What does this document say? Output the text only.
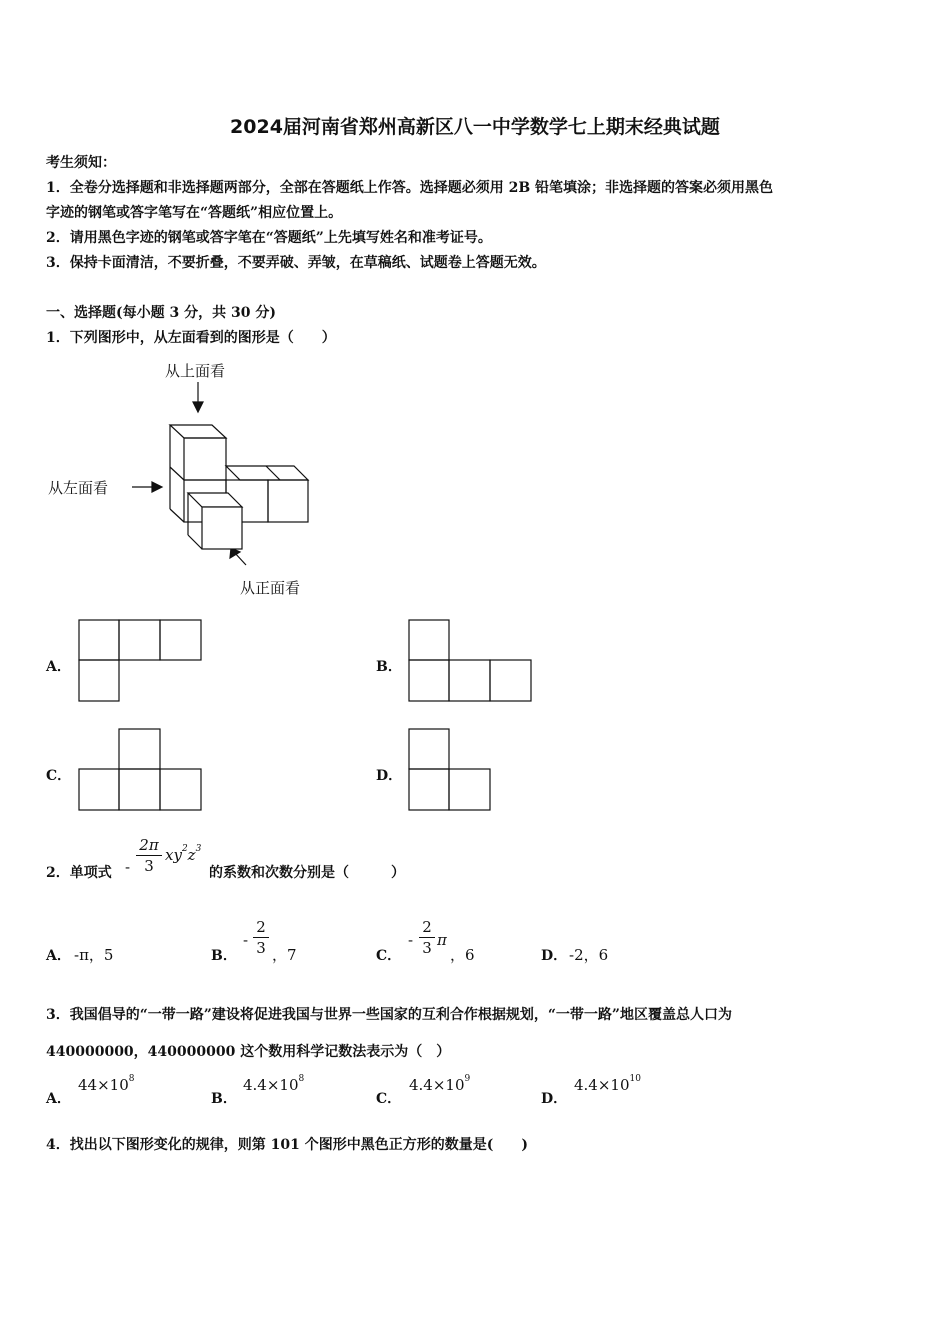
2024届河南省郑州高新区八一中学数学七上期末经典试题
考生须知：
1．全卷分选择题和非选择题两部分，全部在答题纸上作答。选择题必须用 2B 铅笔填涂；非选择题的答案必须用黑色
字迹的钢笔或答字笔写在“答题纸”相应位置上。
2．请用黑色字迹的钢笔或答字笔在“答题纸”上先填写姓名和准考证号。
3．保持卡面清洁，不要折叠，不要弄破、弄皱，在草稿纸、试题卷上答题无效。
一、选择题(每小题 3 分，共 30 分)
1．下列图形中，从左面看到的图形是（　　）
从上面看
从左面看
从正面看
A．	B．
C．	D．
2．单项式 -
2π
3
$xy^2z^3$
的系数和次数分别是（　　　）
A． -π，5	B．
-
2
3 ，7	C．
-
2
3 π
，6	D． -2，6
3．我国倡导的“一带一路”建设将促进我国与世界一些国家的互利合作根据规划，“一带一路”地区覆盖总人口为
440000000，440000000 这个数用科学记数法表示为（　）
A．
$44\times 10^8$
B．
$4.4\times 10^8$
C．
$4.4\times 10^9$
D．
$4.4\times 10^{10}$
4．找出以下图形变化的规律，则第 101 个图形中黑色正方形的数量是(　　)
